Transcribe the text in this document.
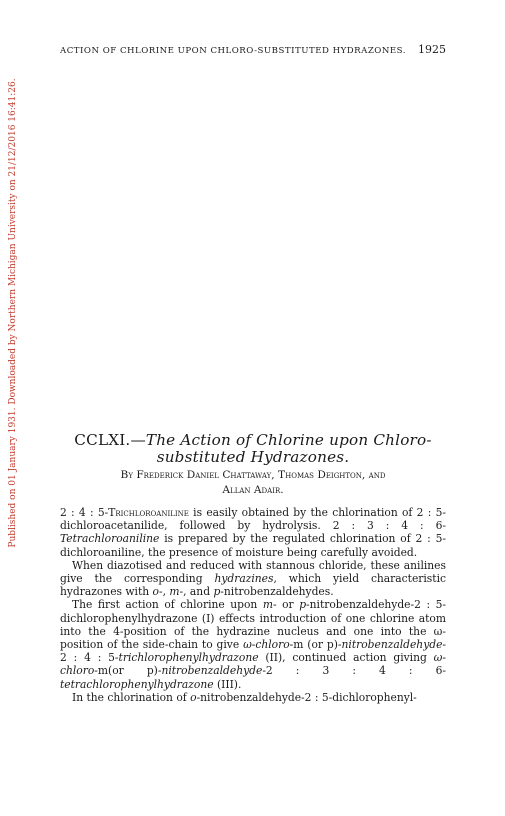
ACTION OF CHLORINE UPON CHLORO-SUBSTITUTED HYDRAZONES. 1925
Published on 01 January 1931. Downloaded by Northern Michigan University on 21/12/2016 16:41:26.	CCLXI.—The Action of Chlorine upon Chloro-
substituted Hydrazones.
By Frederick Daniel Chattaway, Thomas Deighton, and
Allan Adair.

2 : 4 : 5-Trichloroaniline is easily obtained by the chlorination of 2 : 5-dichloroacetanilide, followed by hydrolysis. 2 : 3 : 4 : 6-Tetrachloroaniline is prepared by the regulated chlorination of 2 : 5-dichloroaniline, the presence of moisture being carefully avoided.

When diazotised and reduced with stannous chloride, these anilines give the corresponding hydrazines, which yield characteristic hydrazones with o-, m-, and p-nitrobenzaldehydes.

The first action of chlorine upon m- or p-nitrobenzaldehyde-2 : 5-dichlorophenylhydrazone (I) effects introduction of one chlorine atom into the 4-position of the hydrazine nucleus and one into the ω-position of the side-chain to give ω-chloro-m (or p)-nitrobenzaldehyde-2 : 4 : 5-trichlorophenylhydrazone (II), continued action giving ω-chloro-m(or p)-nitrobenzaldehyde-2 : 3 : 4 : 6-tetrachlorophenylhydrazone (III).

In the chlorination of o-nitrobenzaldehyde-2 : 5-dichlorophenyl-
